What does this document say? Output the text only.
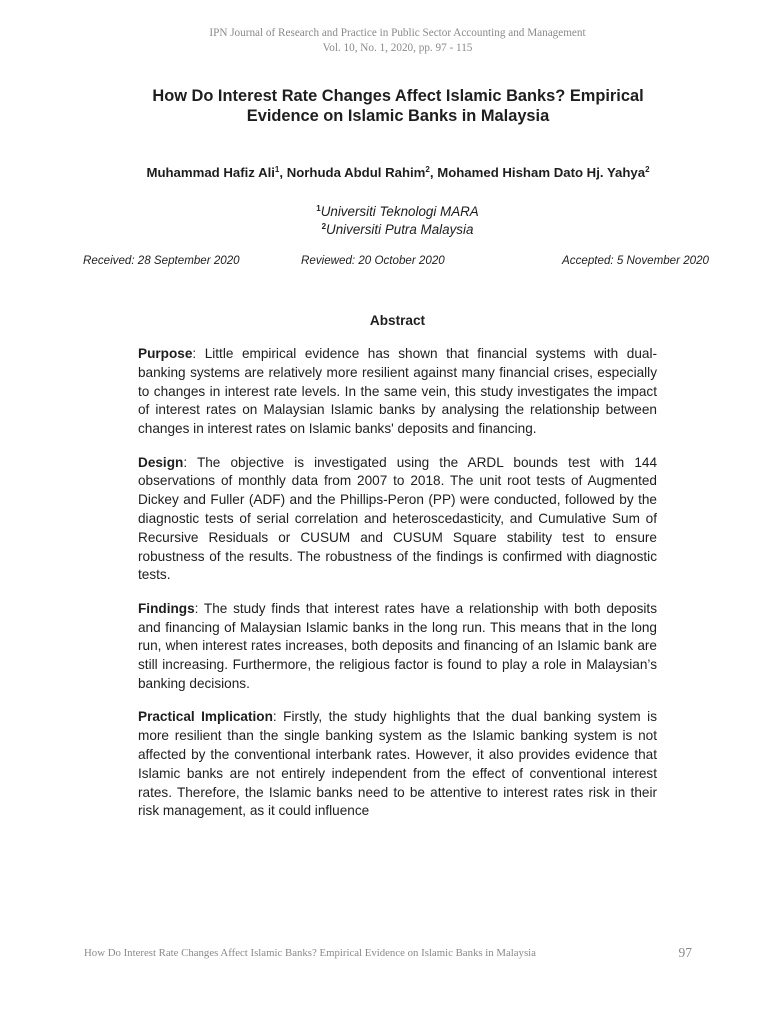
IPN Journal of Research and Practice in Public Sector Accounting and Management
Vol. 10, No. 1, 2020, pp. 97 - 115
How Do Interest Rate Changes Affect Islamic Banks? Empirical
Evidence on Islamic Banks in Malaysia
Muhammad Hafiz Ali$^1$, Norhuda Abdul Rahim$^2$, Mohamed Hisham Dato Hj. Yahya$^2$
$^1$Universiti Teknologi MARA
$^2$Universiti Putra Malaysia
Received: 28 September 2020	Reviewed: 20 October 2020	Accepted: 5 November 2020
Abstract

Purpose: Little empirical evidence has shown that financial systems with dual-banking systems are relatively more resilient against many financial crises, especially to changes in interest rate levels. In the same vein, this study investigates the impact of interest rates on Malaysian Islamic banks by analysing the relationship between changes in interest rates on Islamic banks' deposits and financing.

Design: The objective is investigated using the ARDL bounds test with 144 observations of monthly data from 2007 to 2018. The unit root tests of Augmented Dickey and Fuller (ADF) and the Phillips-Peron (PP) were conducted, followed by the diagnostic tests of serial correlation and heteroscedasticity, and Cumulative Sum of Recursive Residuals or CUSUM and CUSUM Square stability test to ensure robustness of the results. The robustness of the findings is confirmed with diagnostic tests.

Findings: The study finds that interest rates have a relationship with both deposits and financing of Malaysian Islamic banks in the long run. This means that in the long run, when interest rates increases, both deposits and financing of an Islamic bank are still increasing. Furthermore, the religious factor is found to play a role in Malaysian’s banking decisions.

Practical Implication: Firstly, the study highlights that the dual banking system is more resilient than the single banking system as the Islamic banking system is not affected by the conventional interbank rates. However, it also provides evidence that Islamic banks are not entirely independent from the effect of conventional interest rates. Therefore, the Islamic banks need to be attentive to interest rates risk in their risk management, as it could influence

How Do Interest Rate Changes Affect Islamic Banks? Empirical Evidence on Islamic Banks in Malaysia	97
